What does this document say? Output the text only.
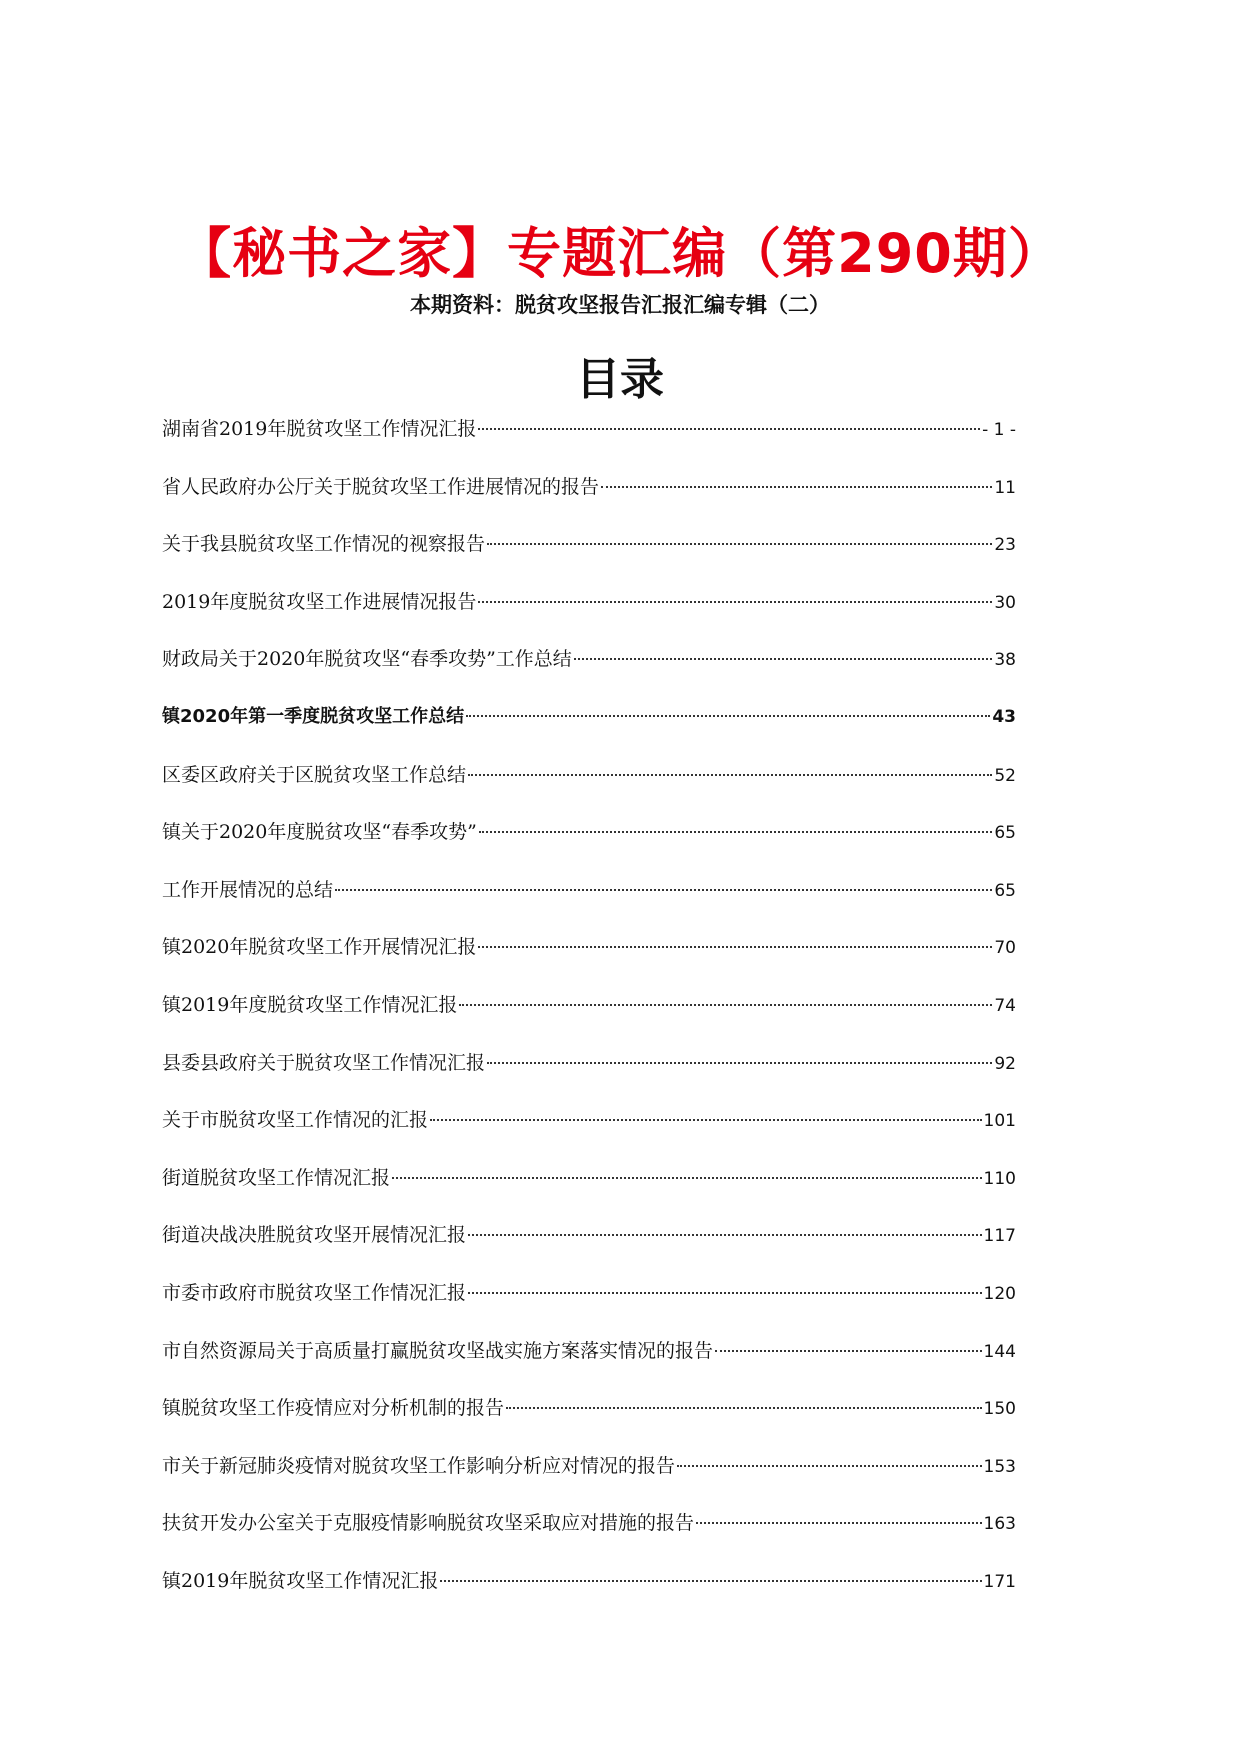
【秘书之家】专题汇编（第290期）
本期资料：脱贫攻坚报告汇报汇编专辑（二）
目录
湖南省2019年脱贫攻坚工作情况汇报	- 1 -
省人民政府办公厅关于脱贫攻坚工作进展情况的报告	11
关于我县脱贫攻坚工作情况的视察报告	23
2019年度脱贫攻坚工作进展情况报告	30
财政局关于2020年脱贫攻坚“春季攻势”工作总结	38
镇2020年第一季度脱贫攻坚工作总结	43
区委区政府关于区脱贫攻坚工作总结	52
镇关于2020年度脱贫攻坚“春季攻势”	65
工作开展情况的总结	65
镇2020年脱贫攻坚工作开展情况汇报	70
镇2019年度脱贫攻坚工作情况汇报	74
县委县政府关于脱贫攻坚工作情况汇报	92
关于市脱贫攻坚工作情况的汇报	101
街道脱贫攻坚工作情况汇报	110
街道决战决胜脱贫攻坚开展情况汇报	117
市委市政府市脱贫攻坚工作情况汇报	120
市自然资源局关于高质量打赢脱贫攻坚战实施方案落实情况的报告	144
镇脱贫攻坚工作疫情应对分析机制的报告	150
市关于新冠肺炎疫情对脱贫攻坚工作影响分析应对情况的报告	153
扶贫开发办公室关于克服疫情影响脱贫攻坚采取应对措施的报告	163
镇2019年脱贫攻坚工作情况汇报	171
